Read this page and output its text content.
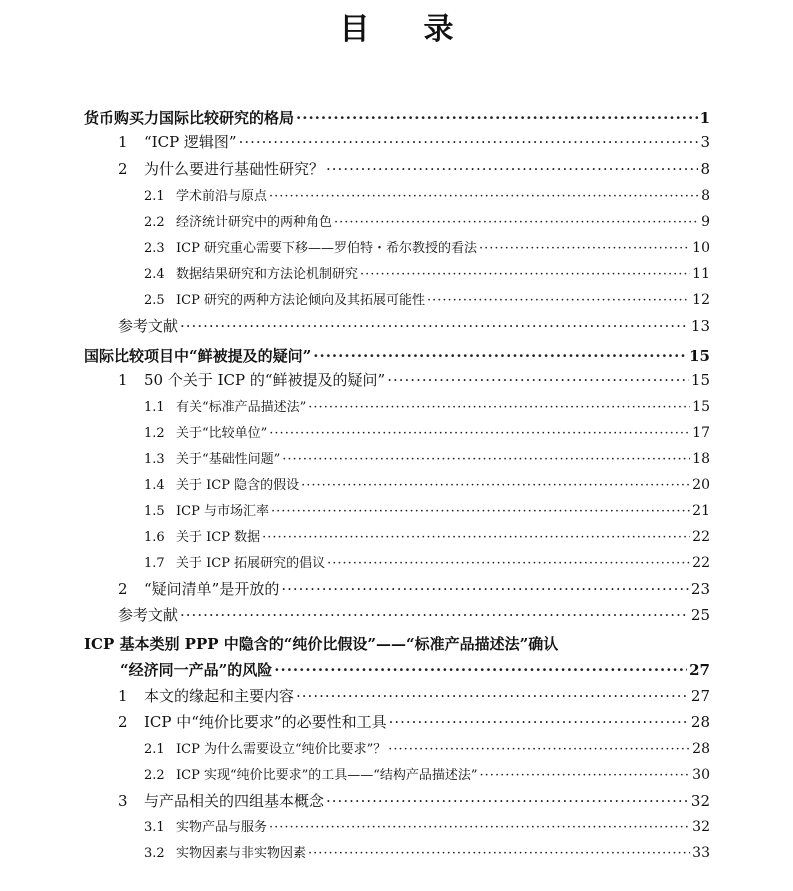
目 录
货币购买力国际比较研究的格局 ·····	1
1 “ICP 逻辑图” ·····	3
2 为什么要进行基础性研究？ ·····	8
2.1 学术前沿与原点 ·····	8
2.2 经济统计研究中的两种角色 ·····	9
2.3 ICP 研究重心需要下移——罗伯特・希尔教授的看法 ·····	10
2.4 数据结果研究和方法论机制研究 ·····	11
2.5 ICP 研究的两种方法论倾向及其拓展可能性 ·····	12
参考文献 ·····	13
国际比较项目中“鲜被提及的疑问” ·····	15
1 50 个关于 ICP 的“鲜被提及的疑问” ·····	15
1.1 有关“标准产品描述法” ·····	15
1.2 关于“比较单位” ·····	17
1.3 关于“基础性问题” ·····	18
1.4 关于 ICP 隐含的假设 ·····	20
1.5 ICP 与市场汇率 ·····	21
1.6 关于 ICP 数据 ·····	22
1.7 关于 ICP 拓展研究的倡议 ·····	22
2 “疑问清单”是开放的 ·····	23
参考文献 ·····	25
ICP 基本类别 PPP 中隐含的“纯价比假设”——“标准产品描述法”确认
“经济同一产品”的风险 ·····	27
1 本文的缘起和主要内容 ·····	27
2 ICP 中“纯价比要求”的必要性和工具 ·····	28
2.1 ICP 为什么需要设立“纯价比要求”？ ·····	28
2.2 ICP 实现“纯价比要求”的工具——“结构产品描述法” ·····	30
3 与产品相关的四组基本概念 ·····	32
3.1 实物产品与服务 ·····	32
3.2 实物因素与非实物因素 ·····	33
